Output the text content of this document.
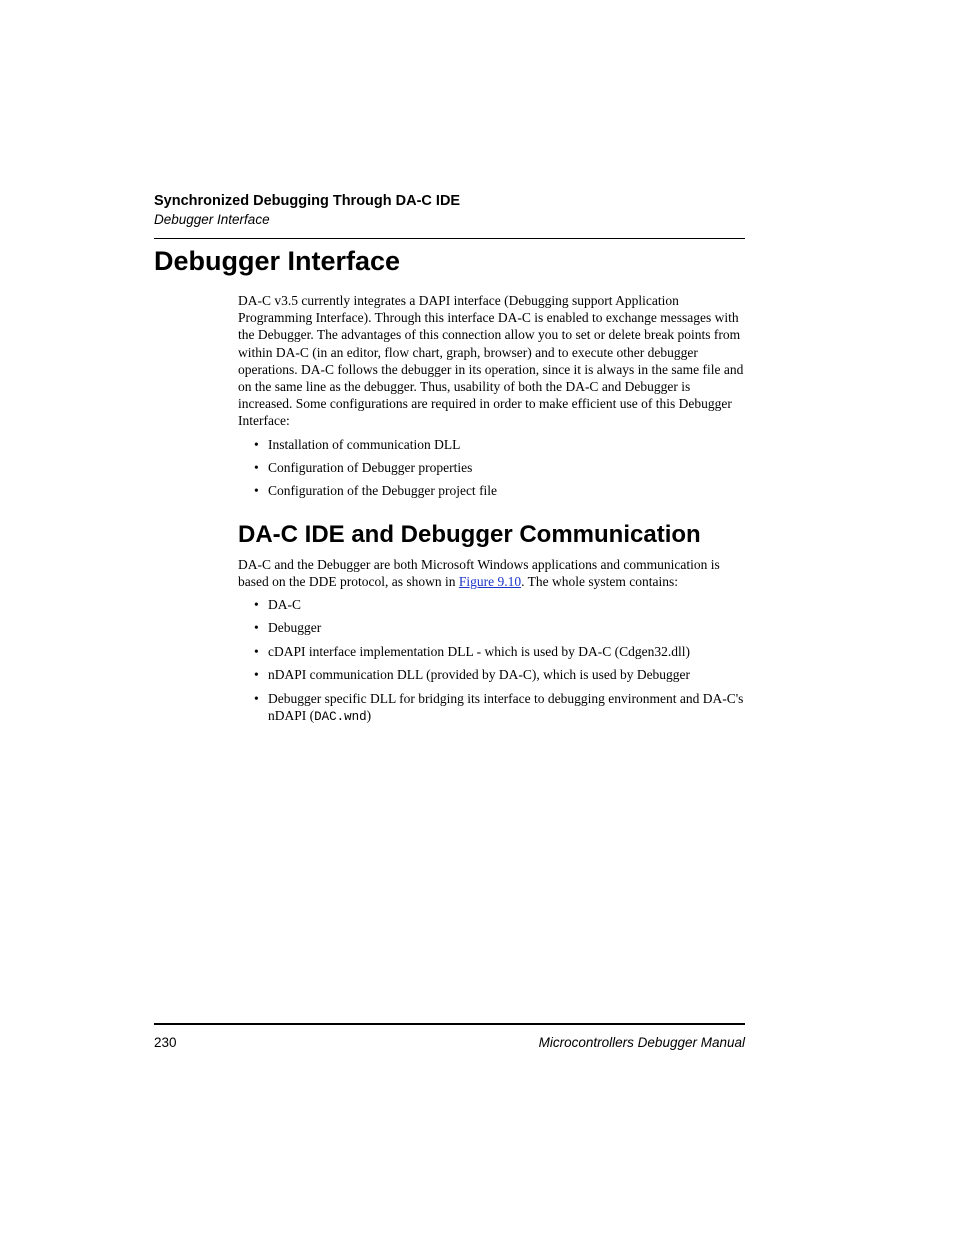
Synchronized Debugging Through DA-C IDE
Debugger Interface
Debugger Interface
DA-C v3.5 currently integrates a DAPI interface (Debugging support Application Programming Interface). Through this interface DA-C is enabled to exchange messages with the Debugger. The advantages of this connection allow you to set or delete break points from within DA-C (in an editor, flow chart, graph, browser) and to execute other debugger operations. DA-C follows the debugger in its operation, since it is always in the same file and on the same line as the debugger. Thus, usability of both the DA-C and Debugger is increased. Some configurations are required in order to make efficient use of this Debugger Interface:
• Installation of communication DLL
• Configuration of Debugger properties
• Configuration of the Debugger project file
DA-C IDE and Debugger Communication
DA-C and the Debugger are both Microsoft Windows applications and communication is based on the DDE protocol, as shown in Figure 9.10. The whole system contains:
• DA-C
• Debugger
• cDAPI interface implementation DLL - which is used by DA-C (Cdgen32.dll)
• nDAPI communication DLL (provided by DA-C), which is used by Debugger
• Debugger specific DLL for bridging its interface to debugging environment and DA-C's nDAPI (DAC.wnd)
230	Microcontrollers Debugger Manual
